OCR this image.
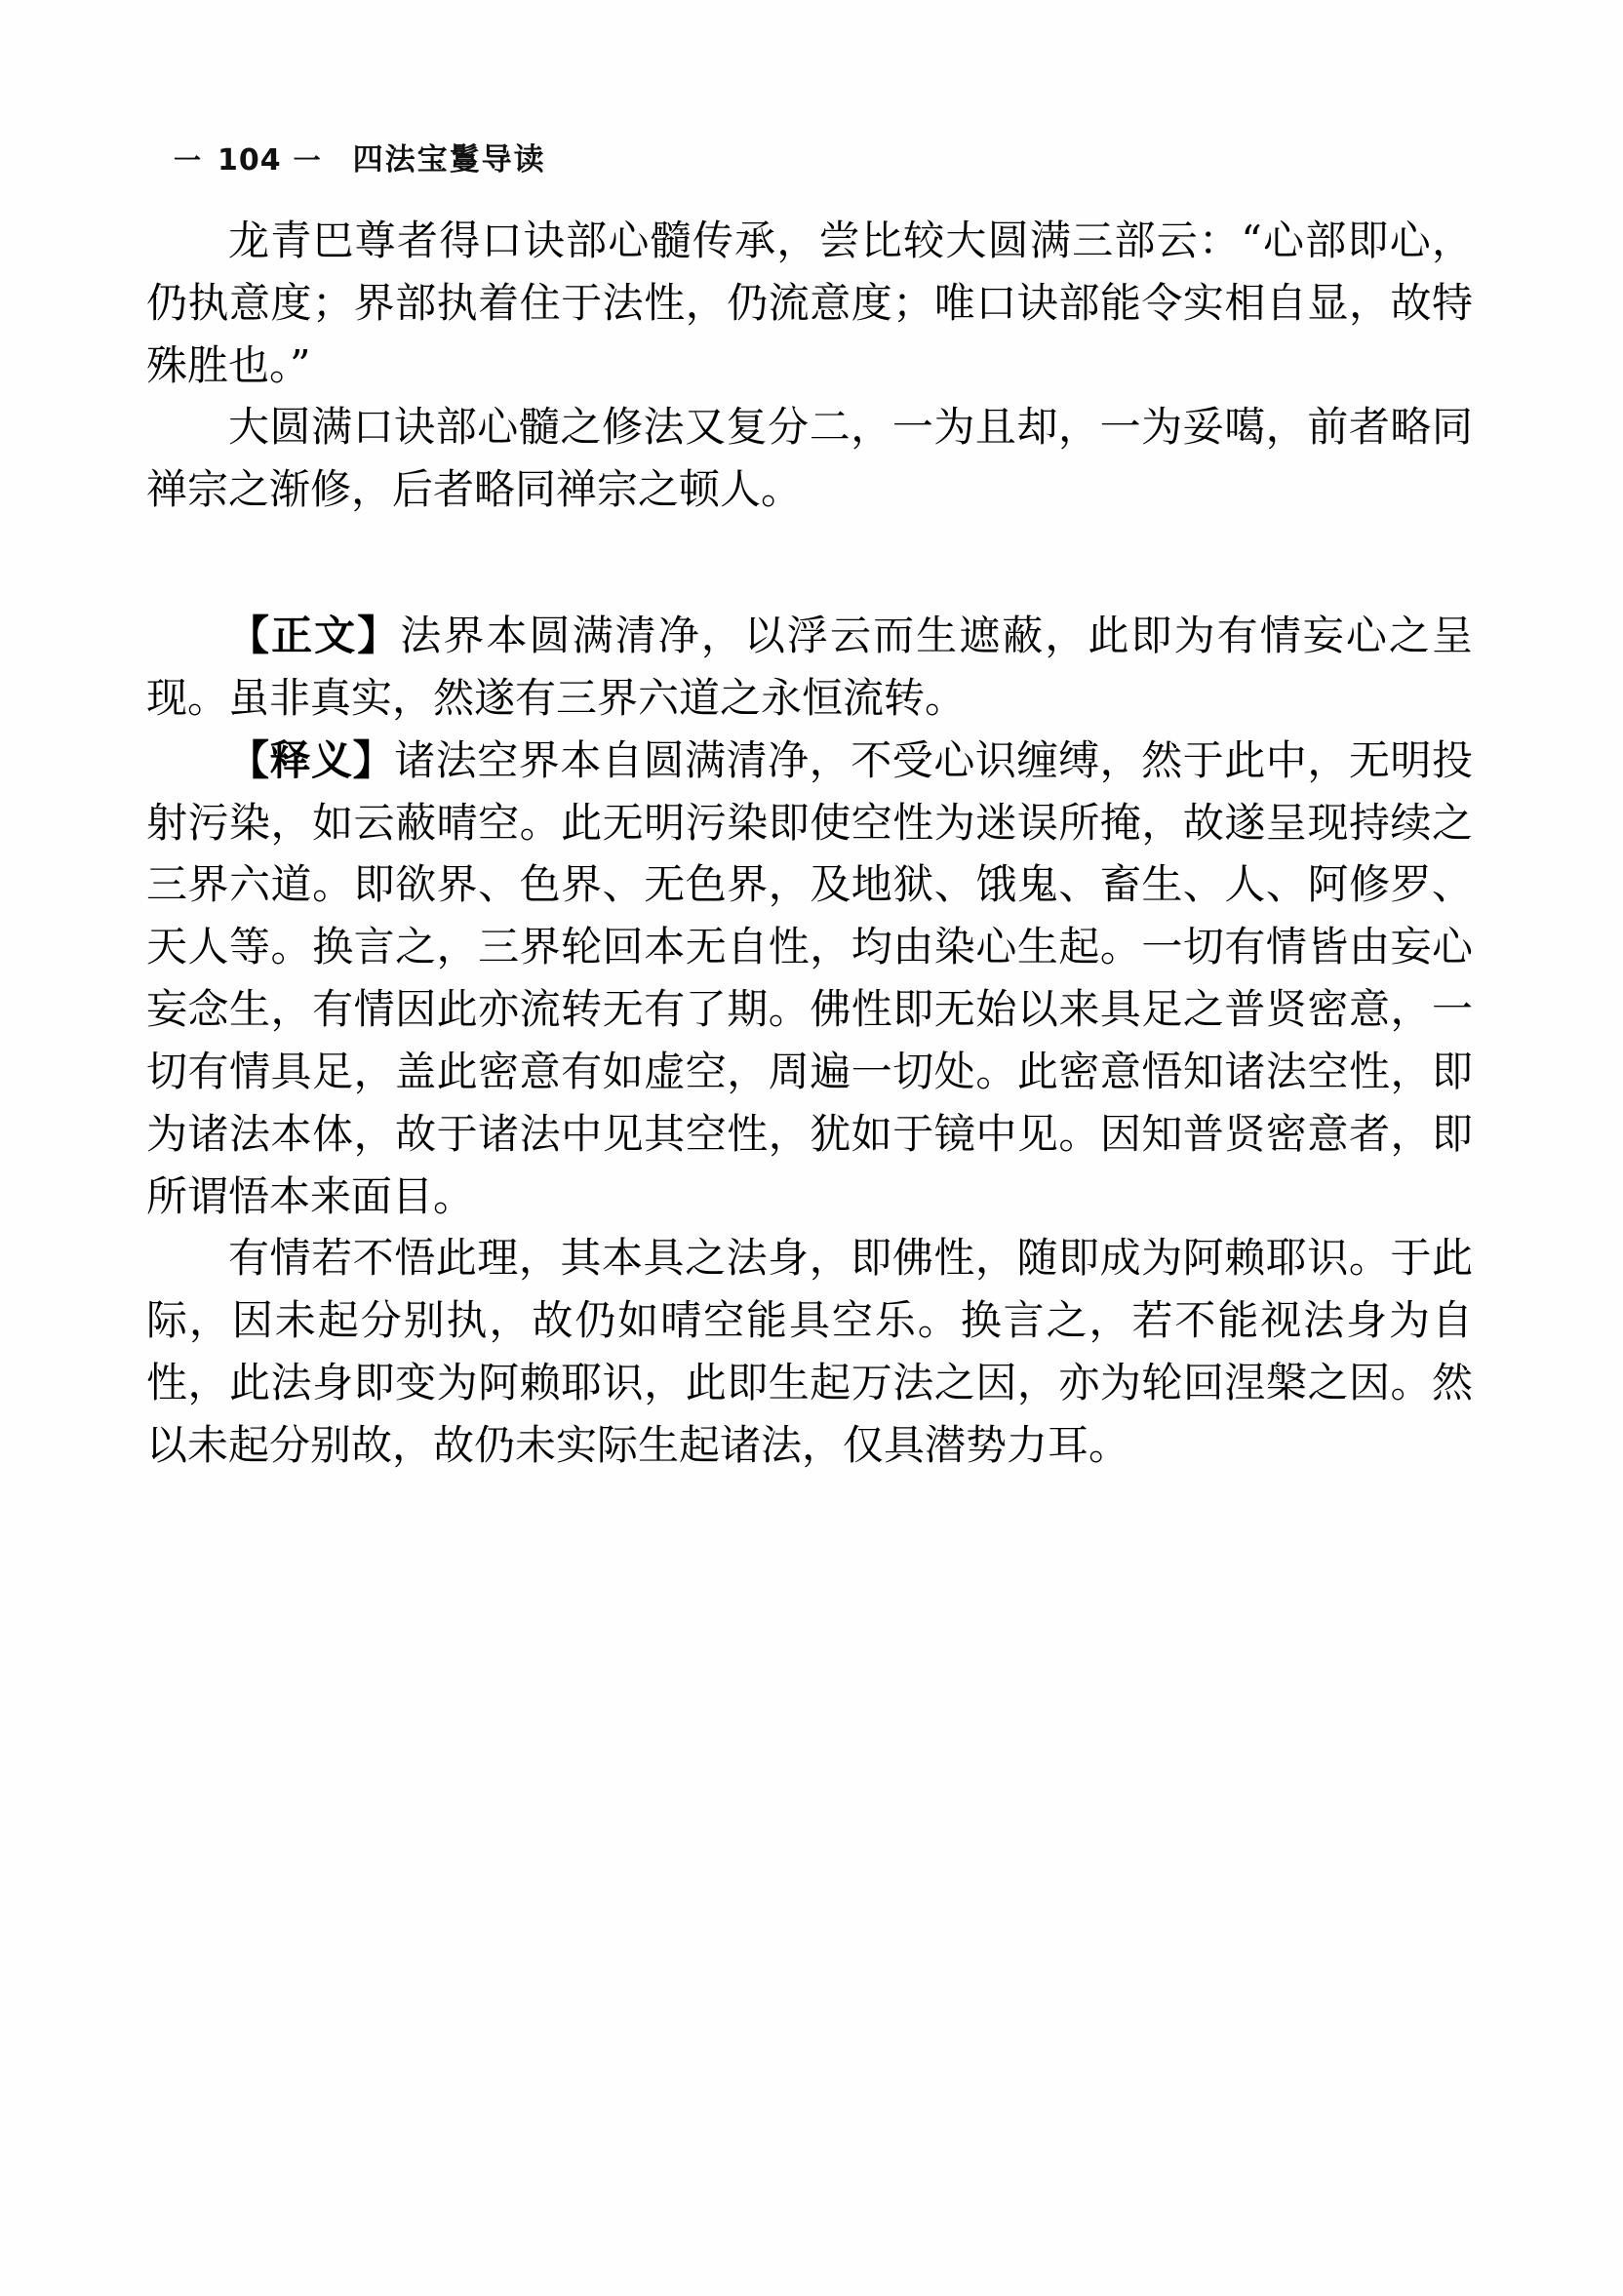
一 104 一 四法宝鬘导读

龙青巴尊者得口诀部心髓传承，尝比较大圆满三部云：“心部即心，仍执意度；界部执着住于法性，仍流意度；唯口诀部能令实相自显，故特殊胜也。”

大圆满口诀部心髓之修法又复分二，一为且却，一为妥噶，前者略同禅宗之渐修，后者略同禅宗之顿人。

【正文】法界本圆满清净，以浮云而生遮蔽，此即为有情妄心之呈现。虽非真实，然遂有三界六道之永恒流转。

【释义】诸法空界本自圆满清净，不受心识缠缚，然于此中，无明投射污染，如云蔽晴空。此无明污染即使空性为迷误所掩，故遂呈现持续之三界六道。即欲界、色界、无色界，及地狱、饿鬼、畜生、人、阿修罗、天人等。换言之，三界轮回本无自性，均由染心生起。一切有情皆由妄心妄念生，有情因此亦流转无有了期。佛性即无始以来具足之普贤密意，一切有情具足，盖此密意有如虚空，周遍一切处。此密意悟知诸法空性，即为诸法本体，故于诸法中见其空性，犹如于镜中见。因知普贤密意者，即所谓悟本来面目。

有情若不悟此理，其本具之法身，即佛性，随即成为阿赖耶识。于此际，因未起分别执，故仍如晴空能具空乐。换言之，若不能视法身为自性，此法身即变为阿赖耶识，此即生起万法之因，亦为轮回涅槃之因。然以未起分别故，故仍未实际生起诸法，仅具潜势力耳。
